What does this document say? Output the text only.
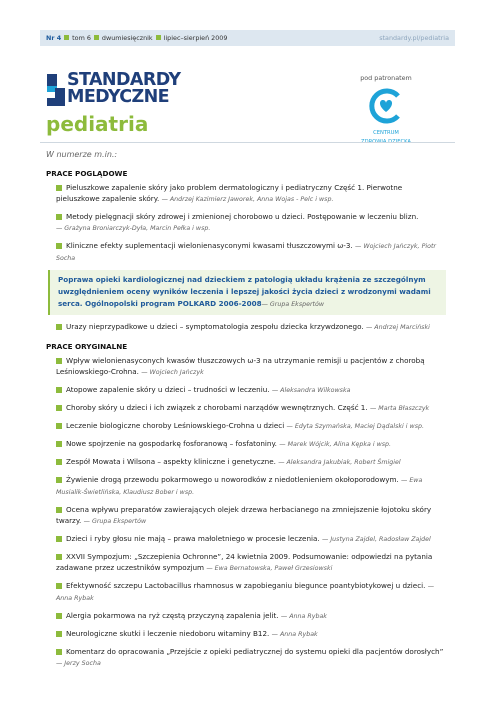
Nr 4 tom 6 dwumiesięcznik lipiec–sierpień 2009	standardy.pl/pediatria
STANDARDY
MEDYCZNE
pediatria
pod patronatem
CENTRUM
W numerze m.in.:
PRACE POGLĄDOWE
Pieluszkowe zapalenie skóry jako problem dermatologiczny i pediatryczny Część 1. Pierwotne pieluszkowe zapalenie skóry. — Andrzej Kazimierz Jaworek, Anna Wojas - Pelc i wsp.
Metody pielęgnacji skóry zdrowej i zmienionej chorobowo u dzieci. Postępowanie w leczeniu blizn.
— Grażyna Broniarczyk-Dyła, Marcin Pełka i wsp.
Kliniczne efekty suplementacji wielonienasyconymi kwasami tłuszczowymi ω-3. — Wojciech Jańczyk, Piotr Socha
Poprawa opieki kardiologicznej nad dzieckiem z patologią układu krążenia ze szczególnym uwzględnieniem oceny wyników leczenia i lepszej jakości życia dzieci z wrodzonymi wadami serca. Ogólnopolski program POLKARD 2006-2008— Grupa Ekspertów
Urazy nieprzypadkowe u dzieci – symptomatologia zespołu dziecka krzywdzonego. — Andrzej Marciński
PRACE ORYGINALNE
Wpływ wielonienasyconych kwasów tłuszczowych ω-3 na utrzymanie remisji u pacjentów z chorobą Leśniowskiego-Crohna. — Wojciech Jańczyk
Atopowe zapalenie skóry u dzieci – trudności w leczeniu. — Aleksandra Wilkowska
Choroby skóry u dzieci i ich związek z chorobami narządów wewnętrznych. Część 1. — Marta Błaszczyk
Leczenie biologiczne choroby Leśniowskiego-Crohna u dzieci — Edyta Szymańska, Maciej Dądalski i wsp.
Nowe spojrzenie na gospodarkę fosforanową – fosfatoniny. — Marek Wójcik, Alina Kępka i wsp.
Zespół Mowata i Wilsona – aspekty kliniczne i genetyczne. — Aleksandra Jakubiak, Robert Śmigiel
Żywienie drogą przewodu pokarmowego u noworodków z niedotlenieniem okołoporodowym. — Ewa Musialik-Świetlińska, Klaudiusz Bober i wsp.
Ocena wpływu preparatów zawierających olejek drzewa herbacianego na zmniejszenie łojotoku skóry twarzy. — Grupa Ekspertów
Dzieci i ryby głosu nie mają – prawa małoletniego w procesie leczenia. — Justyna Zajdel, Radosław Zajdel
XXVII Sympozjum: „Szczepienia Ochronne”, 24 kwietnia 2009. Podsumowanie: odpowiedzi na pytania zadawane przez uczestników sympozjum — Ewa Bernatowska, Paweł Grzesiowski
Efektywność szczepu Lactobacillus rhamnosus w zapobieganiu biegunce poantybiotykowej u dzieci. — Anna Rybak
Alergia pokarmowa na ryż częstą przyczyną zapalenia jelit. — Anna Rybak
Neurologiczne skutki i leczenie niedoboru witaminy B12. — Anna Rybak
Komentarz do opracowania „Przejście z opieki pediatrycznej do systemu opieki dla pacjentów dorosłych”
— Jerzy Socha
